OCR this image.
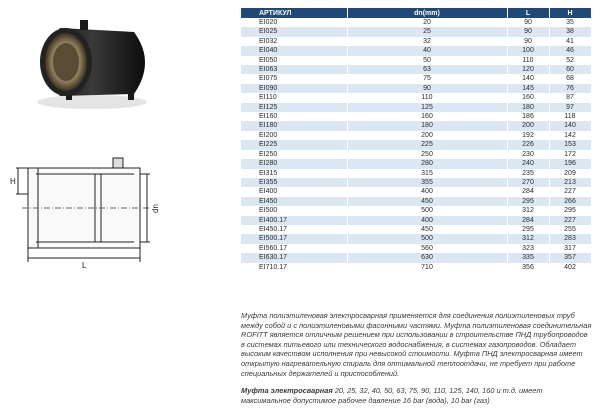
H
dn
L
АРТИКУЛ	dn(mm)	L	H
EI020	20	90	35
EI025	25	90	38
EI032	32	90	41
EI040	40	100	46
EI050	50	110	52
EI063	63	120	60
EI075	75	140	68
EI090	90	145	76
EI110	110	160	87
EI125	125	180	97
EI160	160	186	118
EI180	180	200	140
EI200	200	192	142
EI225	225	226	153
EI250	250	230	172
EI280	280	240	196
EI315	315	235	209
EI355	355	270	213
EI400	400	284	227
EI450	450	295	266
EI500	500	312	295
EI400.17	400	284	227
EI450.17	450	295	255
EI500.17	500	312	283
EI560.17	560	323	317
EI630.17	630	335	357
EI710.17	710	356	402

Муфта полиэтиленовая электросварная применяется для соединения полиэтиленовых труб между собой и с полиэтиленовыми фасонными частями. Муфта полиэтиленовая соединительная ROFITT является отличным решением при использовании в строительстве ПНД трубопроводов в системах питьевого или технического водоснабжения, в системах газопроводов. Обладает высоким качеством исполнения при невысокой стоимости. Муфта ПНД электросварная имеет открытую нагревательную спираль для оптимальной теплоотдачи, не требует при работе специальных держателей и приспособлений.

Муфта электросварная 20, 25, 32, 40, 50, 63, 75, 90, 110, 125, 140, 160 и т.д. имеет максимальное допустимое рабочее давление 16 bar (вода), 10 bar (газ)
